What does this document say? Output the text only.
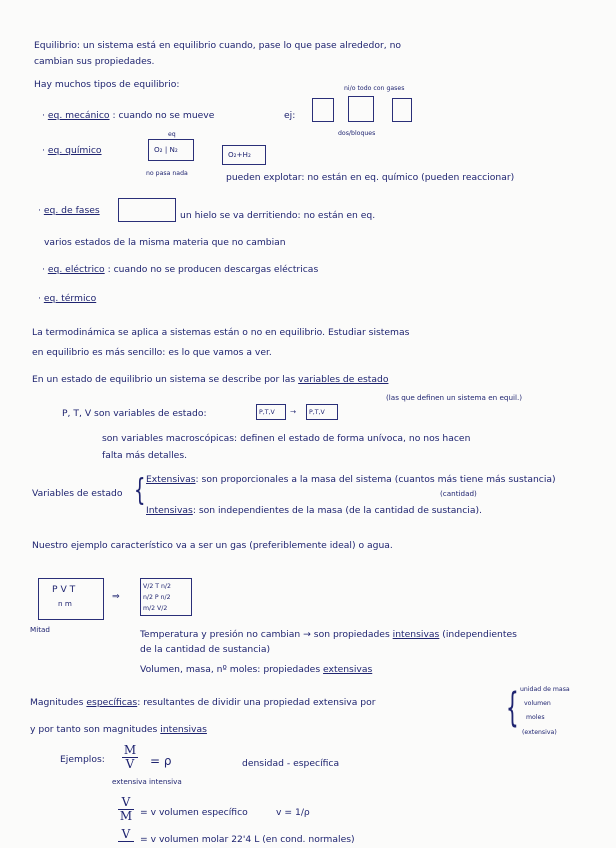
Equilibrio: un sistema está en equilibrio cuando, pase lo que pase alrededor, no
cambian sus propiedades.
Hay muchos tipos de equilibrio:
· eq. mecánico : cuando no se mueve	ej:
ni/o todo con gases
dos/bloques
· eq. químico
eq
O₂ | N₂
no pasa nada
O₂+H₂
pueden explotar: no están en eq. químico (pueden reaccionar)
· eq. de fases	un hielo se va derritiendo: no están en eq.
varios estados de la misma materia que no cambian
· eq. eléctrico : cuando no se producen descargas eléctricas
· eq. térmico
La termodinámica se aplica a sistemas están o no en equilibrio. Estudiar sistemas
en equilibrio es más sencillo: es lo que vamos a ver.
En un estado de equilibrio un sistema se describe por las variables de estado
(las que definen un sistema en equil.)
P, T, V son variables de estado:	P,T,V → P,T,V
son variables macroscópicas: definen el estado de forma unívoca, no nos hacen
falta más detalles.
Variables de estado { Extensivas: son proporcionales a la masa del sistema (cuantos más tiene más sustancia)
(cantidad)
Intensivas: son independientes de la masa (de la cantidad de sustancia).
Nuestro ejemplo característico va a ser un gas (preferiblemente ideal) o agua.
P V T
n m
⇒
V/2 T n/2
n/2 P n/2
m/2 V/2
Mitad	Temperatura y presión no cambian → son propiedades intensivas (independientes
de la cantidad de sustancia)
Volumen, masa, nº moles: propiedades extensivas
Magnitudes específicas: resultantes de dividir una propiedad extensiva por	{ unidad de masa
volumen
moles
(extensiva)
y por tanto son magnitudes intensivas
Ejemplos:
M
V	= ρ	densidad - específica
extensiva intensiva
V
M = v volumen específico	v = 1/ρ
V	= v volumen molar 22'4 L (en cond. normales)
